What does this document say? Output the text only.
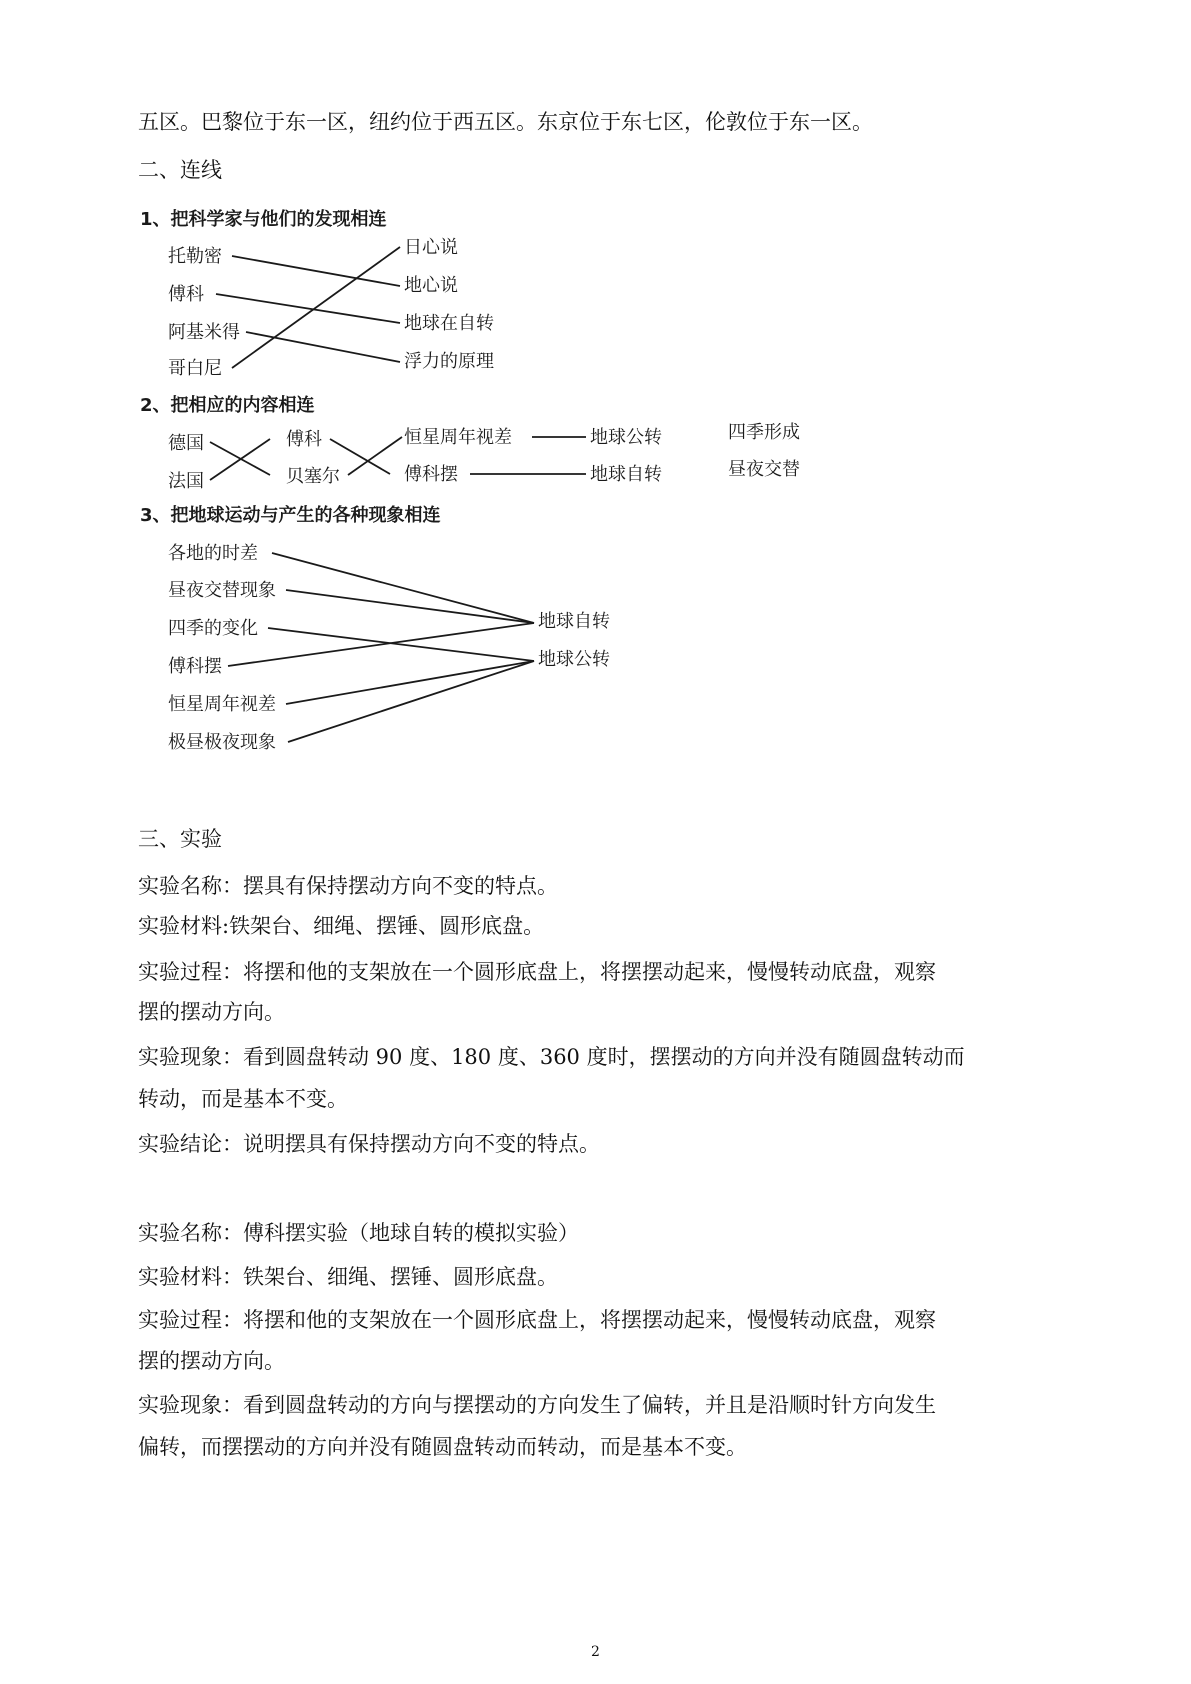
五区。巴黎位于东一区，纽约位于西五区。东京位于东七区，伦敦位于东一区。
二、连线
1、把科学家与他们的发现相连
托勒密
傅科
阿基米得
哥白尼
日心说
地心说
地球在自转
浮力的原理
2、把相应的内容相连
德国
法国
傅科
贝塞尔
恒星周年视差
傅科摆
地球公转
地球自转
四季形成
昼夜交替
3、把地球运动与产生的各种现象相连
各地的时差
昼夜交替现象
四季的变化
傅科摆
恒星周年视差
极昼极夜现象
地球自转
地球公转
三、实验
实验名称：摆具有保持摆动方向不变的特点。
实验材料:铁架台、细绳、摆锤、圆形底盘。
实验过程：将摆和他的支架放在一个圆形底盘上，将摆摆动起来，慢慢转动底盘，观察
摆的摆动方向。
实验现象：看到圆盘转动 90 度、180 度、360 度时，摆摆动的方向并没有随圆盘转动而
转动，而是基本不变。
实验结论：说明摆具有保持摆动方向不变的特点。
实验名称：傅科摆实验（地球自转的模拟实验）
实验材料：铁架台、细绳、摆锤、圆形底盘。
实验过程：将摆和他的支架放在一个圆形底盘上，将摆摆动起来，慢慢转动底盘，观察
摆的摆动方向。
实验现象：看到圆盘转动的方向与摆摆动的方向发生了偏转，并且是沿顺时针方向发生
偏转，而摆摆动的方向并没有随圆盘转动而转动，而是基本不变。
2
